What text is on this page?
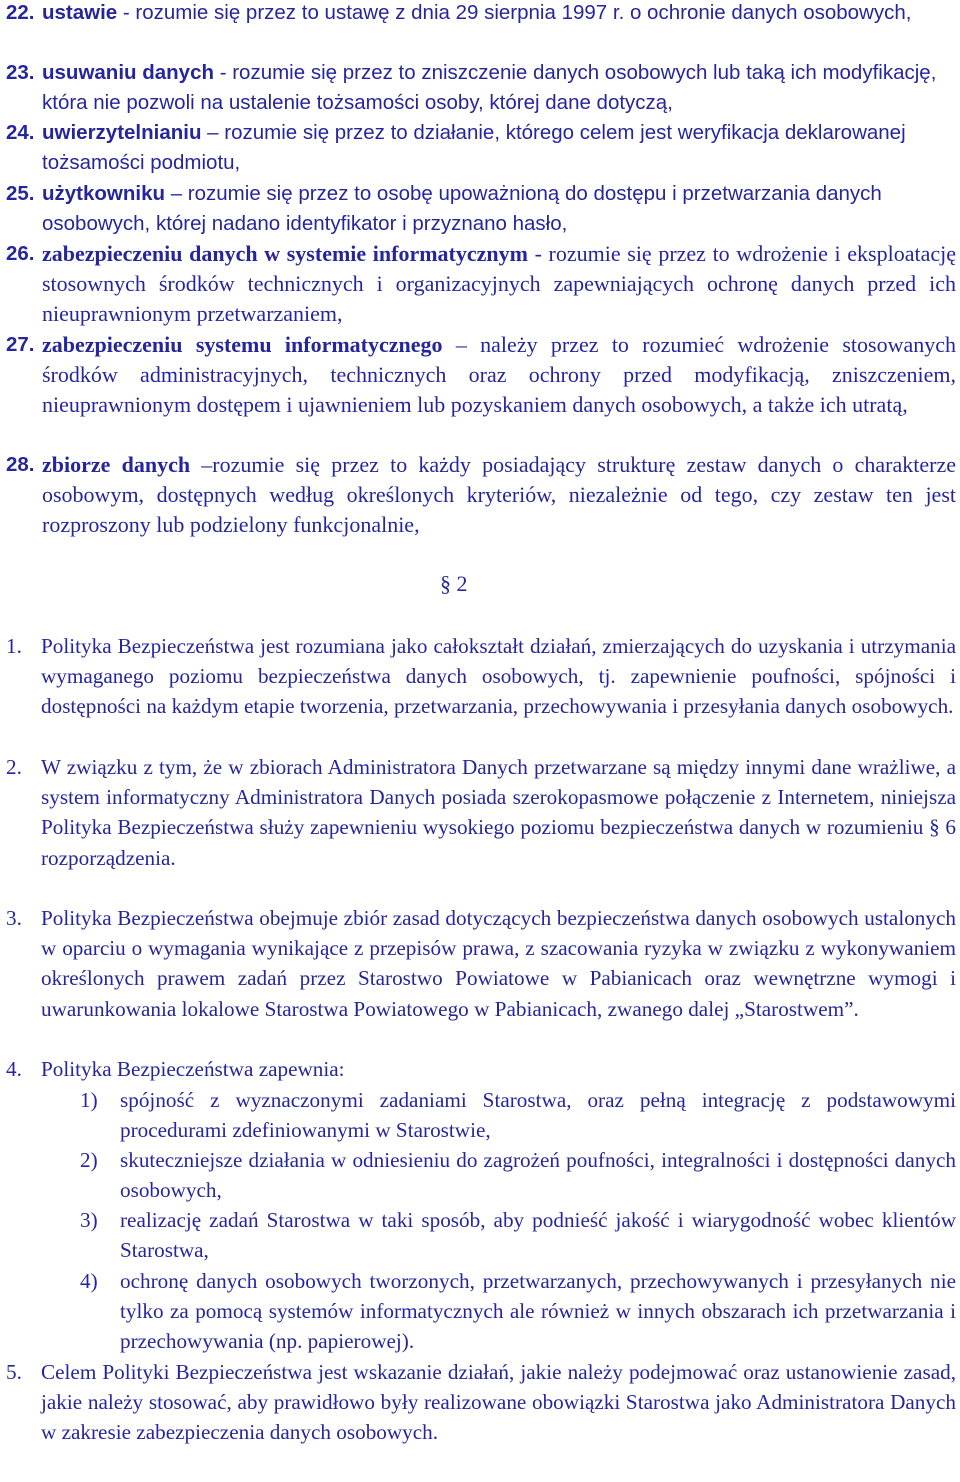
22. ustawie - rozumie się przez to ustawę z dnia 29 sierpnia 1997 r. o ochronie danych osobowych,
23. usuwaniu danych - rozumie się przez to zniszczenie danych osobowych lub taką ich modyfikację, która nie pozwoli na ustalenie tożsamości osoby, której dane dotyczą,
24. uwierzytelnianiu – rozumie się przez to działanie, którego celem jest weryfikacja deklarowanej tożsamości podmiotu,
25. użytkowniku – rozumie się przez to osobę upoważnioną do dostępu i przetwarzania danych osobowych, której nadano identyfikator i przyznano hasło,
26. zabezpieczeniu danych w systemie informatycznym - rozumie się przez to wdrożenie i eksploatację stosownych środków technicznych i organizacyjnych zapewniających ochronę danych przed ich nieuprawnionym przetwarzaniem,
27. zabezpieczeniu systemu informatycznego – należy przez to rozumieć wdrożenie stosowanych środków administracyjnych, technicznych oraz ochrony przed modyfikacją, zniszczeniem, nieuprawnionym dostępem i ujawnieniem lub pozyskaniem danych osobowych, a także ich utratą,
28. zbiorze danych –rozumie się przez to każdy posiadający strukturę zestaw danych o charakterze osobowym, dostępnych według określonych kryteriów, niezależnie od tego, czy zestaw ten jest rozproszony lub podzielony funkcjonalnie,
§ 2
1. Polityka Bezpieczeństwa jest rozumiana jako całokształt działań, zmierzających do uzyskania i utrzymania wymaganego poziomu bezpieczeństwa danych osobowych, tj. zapewnienie poufności, spójności i dostępności na każdym etapie tworzenia, przetwarzania, przechowywania i przesyłania danych osobowych.
2. W związku z tym, że w zbiorach Administratora Danych przetwarzane są między innymi dane wrażliwe, a system informatyczny Administratora Danych posiada szerokopasmowe połączenie z Internetem, niniejsza Polityka Bezpieczeństwa służy zapewnieniu wysokiego poziomu bezpieczeństwa danych w rozumieniu § 6 rozporządzenia.
3. Polityka Bezpieczeństwa obejmuje zbiór zasad dotyczących bezpieczeństwa danych osobowych ustalonych w oparciu o wymagania wynikające z przepisów prawa, z szacowania ryzyka w związku z wykonywaniem określonych prawem zadań przez Starostwo Powiatowe w Pabianicach oraz wewnętrzne wymogi i uwarunkowania lokalowe Starostwa Powiatowego w Pabianicach, zwanego dalej „Starostwem”.
4. Polityka Bezpieczeństwa zapewnia:
1)	spójność z wyznaczonymi zadaniami Starostwa, oraz pełną integrację z podstawowymi procedurami zdefiniowanymi w Starostwie,
2)	skuteczniejsze działania w odniesieniu do zagrożeń poufności, integralności i dostępności danych osobowych,
3)	realizację zadań Starostwa w taki sposób, aby podnieść jakość i wiarygodność wobec klientów Starostwa,
4)	ochronę danych osobowych tworzonych, przetwarzanych, przechowywanych i przesyłanych nie tylko za pomocą systemów informatycznych ale również w innych obszarach ich przetwarzania i przechowywania (np. papierowej).
5. Celem Polityki Bezpieczeństwa jest wskazanie działań, jakie należy podejmować oraz ustanowienie zasad, jakie należy stosować, aby prawidłowo były realizowane obowiązki Starostwa jako Administratora Danych w zakresie zabezpieczenia danych osobowych.
